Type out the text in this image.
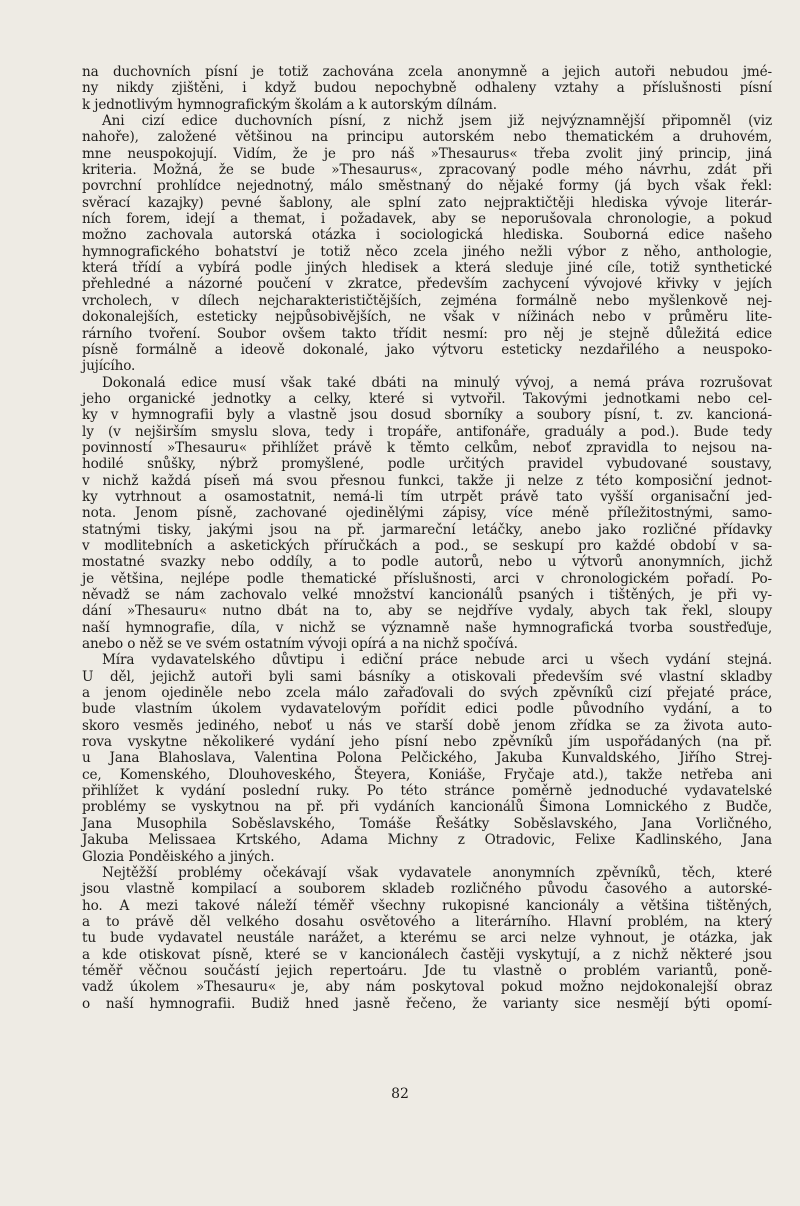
na duchovních písní je totiž zachována zcela anonymně a jejich autoři nebudou jmé-
ny nikdy zjištěni, i když budou nepochybně odhaleny vztahy a příslušnosti písní
k jednotlivým hymnografickým školám a k autorským dílnám.
Ani cizí edice duchovních písní, z nichž jsem již nejvýznamnější připomněl (viz
nahoře), založené většinou na principu autorském nebo thematickém a druhovém,
mne neuspokojují. Vidím, že je pro náš »Thesaurus« třeba zvolit jiný princip, jiná
kriteria. Možná, že se bude »Thesaurus«, zpracovaný podle mého návrhu, zdát při
povrchní prohlídce nejednotný, málo směstnaný do nějaké formy (já bych však řekl:
svěrací kazajky) pevné šablony, ale splní zato nejpraktičtěji hlediska vývoje literár-
ních forem, idejí a themat, i požadavek, aby se neporušovala chronologie, a pokud
možno zachovala autorská otázka i sociologická hlediska. Souborná edice našeho
hymnografického bohatství je totiž něco zcela jiného nežli výbor z něho, anthologie,
která třídí a vybírá podle jiných hledisek a která sleduje jiné cíle, totiž synthetické
přehledné a názorné poučení v zkratce, především zachycení vývojové křivky v jejích
vrcholech, v dílech nejcharakterističtějších, zejména formálně nebo myšlenkově nej-
dokonalejších, esteticky nejpůsobivějších, ne však v nížinách nebo v průměru lite-
rárního tvoření. Soubor ovšem takto třídit nesmí: pro něj je stejně důležitá edice
písně formálně a ideově dokonalé, jako výtvoru esteticky nezdařilého a neuspoko-
jujícího.
Dokonalá edice musí však také dbáti na minulý vývoj, a nemá práva rozrušovat
jeho organické jednotky a celky, které si vytvořil. Takovými jednotkami nebo cel-
ky v hymnografii byly a vlastně jsou dosud sborníky a soubory písní, t. zv. kancioná-
ly (v nejširším smyslu slova, tedy i tropáře, antifonáře, graduály a pod.). Bude tedy
povinností »Thesauru« přihlížet právě k těmto celkům, neboť zpravidla to nejsou na-
hodilé snůšky, nýbrž promyšlené, podle určitých pravidel vybudované soustavy,
v nichž každá píseň má svou přesnou funkci, takže ji nelze z této komposiční jednot-
ky vytrhnout a osamostatnit, nemá-li tím utrpět právě tato vyšší organisační jed-
nota. Jenom písně, zachované ojedinělými zápisy, více méně příležitostnými, samo-
statnými tisky, jakými jsou na př. jarmareční letáčky, anebo jako rozličné přídavky
v modlitebních a asketických příručkách a pod., se seskupí pro každé období v sa-
mostatné svazky nebo oddíly, a to podle autorů, nebo u výtvorů anonymních, jichž
je většina, nejlépe podle thematické příslušnosti, arci v chronologickém pořadí. Po-
něvadž se nám zachovalo velké množství kancionálů psaných i tištěných, je při vy-
dání »Thesauru« nutno dbát na to, aby se nejdříve vydaly, abych tak řekl, sloupy
naší hymnografie, díla, v nichž se významně naše hymnografická tvorba soustřeďuje,
anebo o něž se ve svém ostatním vývoji opírá a na nichž spočívá.
Míra vydavatelského důvtipu i ediční práce nebude arci u všech vydání stejná.
U děl, jejichž autoři byli sami básníky a otiskovali především své vlastní skladby
a jenom ojediněle nebo zcela málo zařaďovali do svých zpěvníků cizí přejaté práce,
bude vlastním úkolem vydavatelovým pořídit edici podle původního vydání, a to
skoro vesměs jediného, neboť u nás ve starší době jenom zřídka se za života auto-
rova vyskytne několikeré vydání jeho písní nebo zpěvníků jím uspořádaných (na př.
u Jana Blahoslava, Valentina Polona Pelčického, Jakuba Kunvaldského, Jiřího Strej-
ce, Komenského, Dlouhoveského, Šteyera, Koniáše, Fryčaje atd.), takže netřeba ani
přihlížet k vydání poslední ruky. Po této stránce poměrně jednoduché vydavatelské
problémy se vyskytnou na př. při vydáních kancionálů Šimona Lomnického z Budče,
Jana Musophila Soběslavského, Tomáše Řešátky Soběslavského, Jana Vorličného,
Jakuba Melissaea Krtského, Adama Michny z Otradovic, Felixe Kadlinského, Jana
Glozia Ponděiského a jiných.
Nejtěžší problémy očekávají však vydavatele anonymních zpěvníků, těch, které
jsou vlastně kompilací a souborem skladeb rozličného původu časového a autorské-
ho. A mezi takové náleží téměř všechny rukopisné kancionály a většina tištěných,
a to právě děl velkého dosahu osvětového a literárního. Hlavní problém, na který
tu bude vydavatel neustále narážet, a kterému se arci nelze vyhnout, je otázka, jak
a kde otiskovat písně, které se v kancionálech častěji vyskytují, a z nichž některé jsou
téměř věčnou součástí jejich repertoáru. Jde tu vlastně o problém variantů, poně-
vadž úkolem »Thesauru« je, aby nám poskytoval pokud možno nejdokonalejší obraz
o naší hymnografii. Budiž hned jasně řečeno, že varianty sice nesmějí býti opomí-
82
